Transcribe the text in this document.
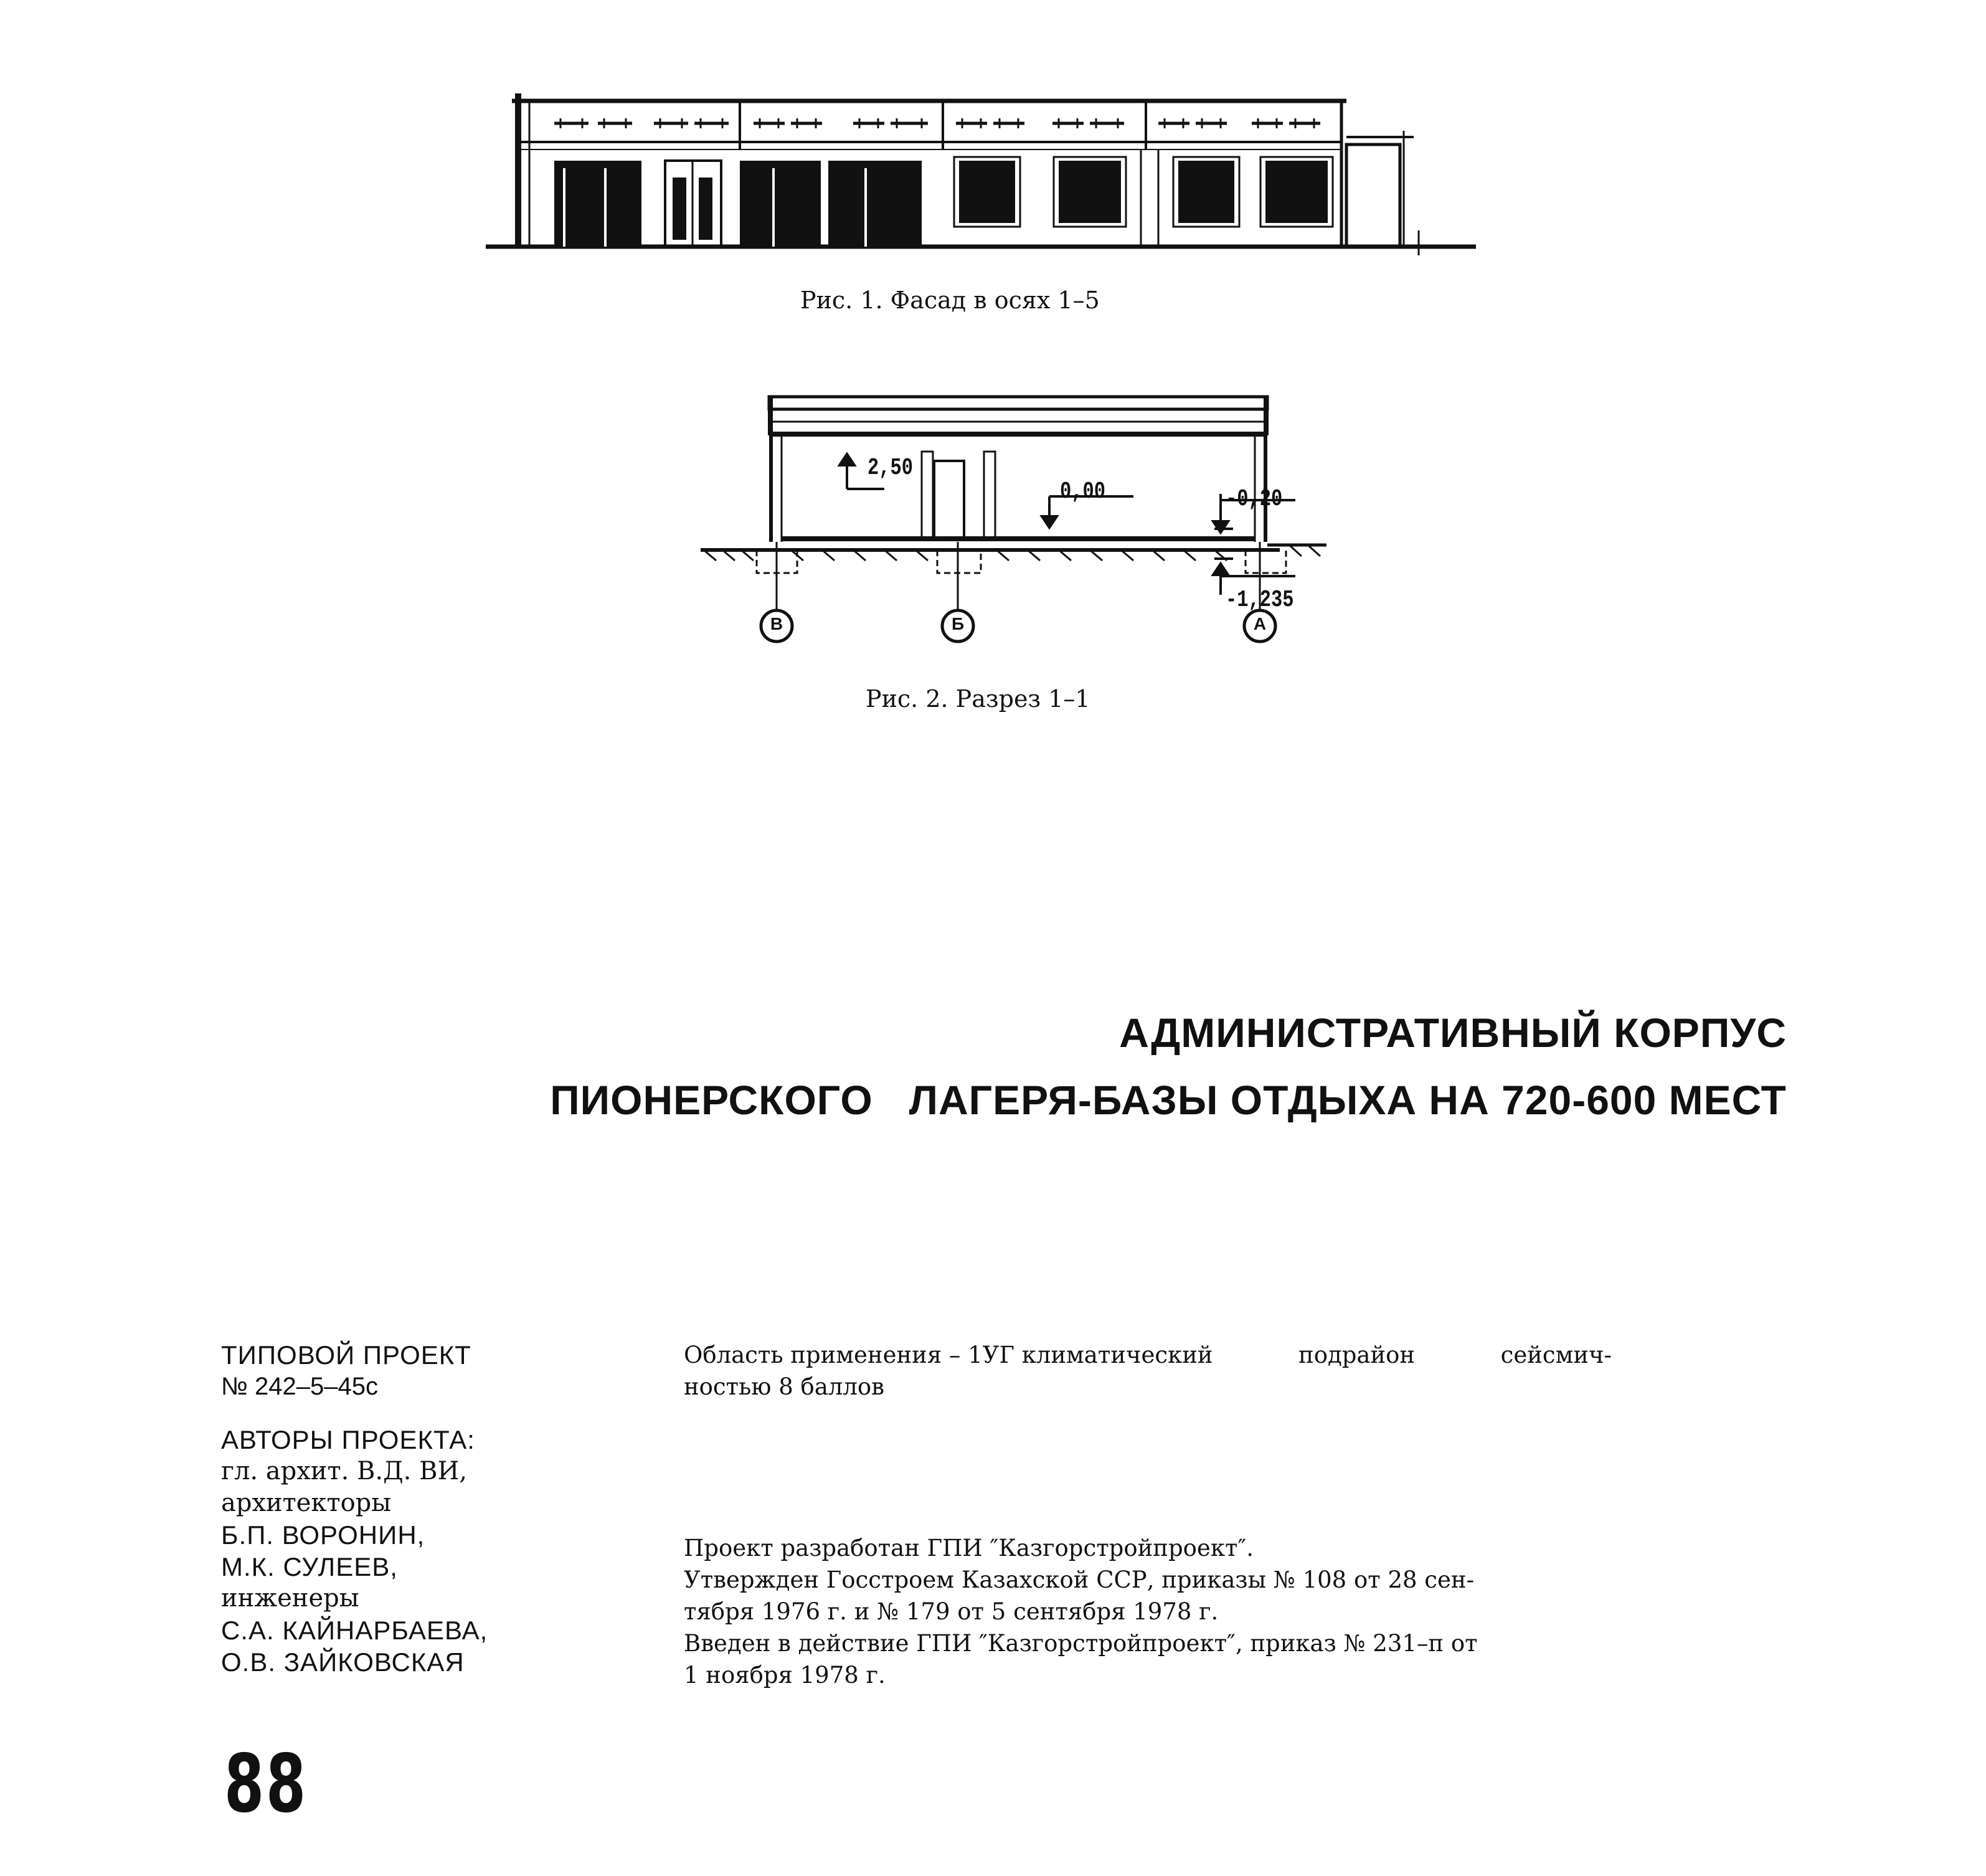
Рис. 1. Фасад в осях 1–5
2,50
0,00	-0,20
-1,235
В	Б	А
Рис. 2. Разрез 1–1
АДМИНИСТРАТИВНЫЙ КОРПУС
ПИОНЕРСКОГО   ЛАГЕРЯ-БАЗЫ ОТДЫХА НА 720-600 МЕСТ
ТИПОВОЙ ПРОЕКТ
№ 242–5–45с
АВТОРЫ ПРОЕКТА:
гл. архит. В.Д. ВИ,
архитекторы
Б.П. ВОРОНИН,
М.К. СУЛЕЕВ,
инженеры
С.А. КАЙНАРБАЕВА,
О.В. ЗАЙКОВСКАЯ
Область применения – 1УГ климатический	подрайон	сейсмич-
ностью 8 баллов
Проект разработан ГПИ ″Казгорстройпроект″.
Утвержден Госстроем Казахской ССР, приказы № 108 от 28 сен-
тября 1976 г. и № 179 от 5 сентября 1978 г.
Введен в действие ГПИ ″Казгорстройпроект″, приказ № 231–п от
1 ноября 1978 г.
88
